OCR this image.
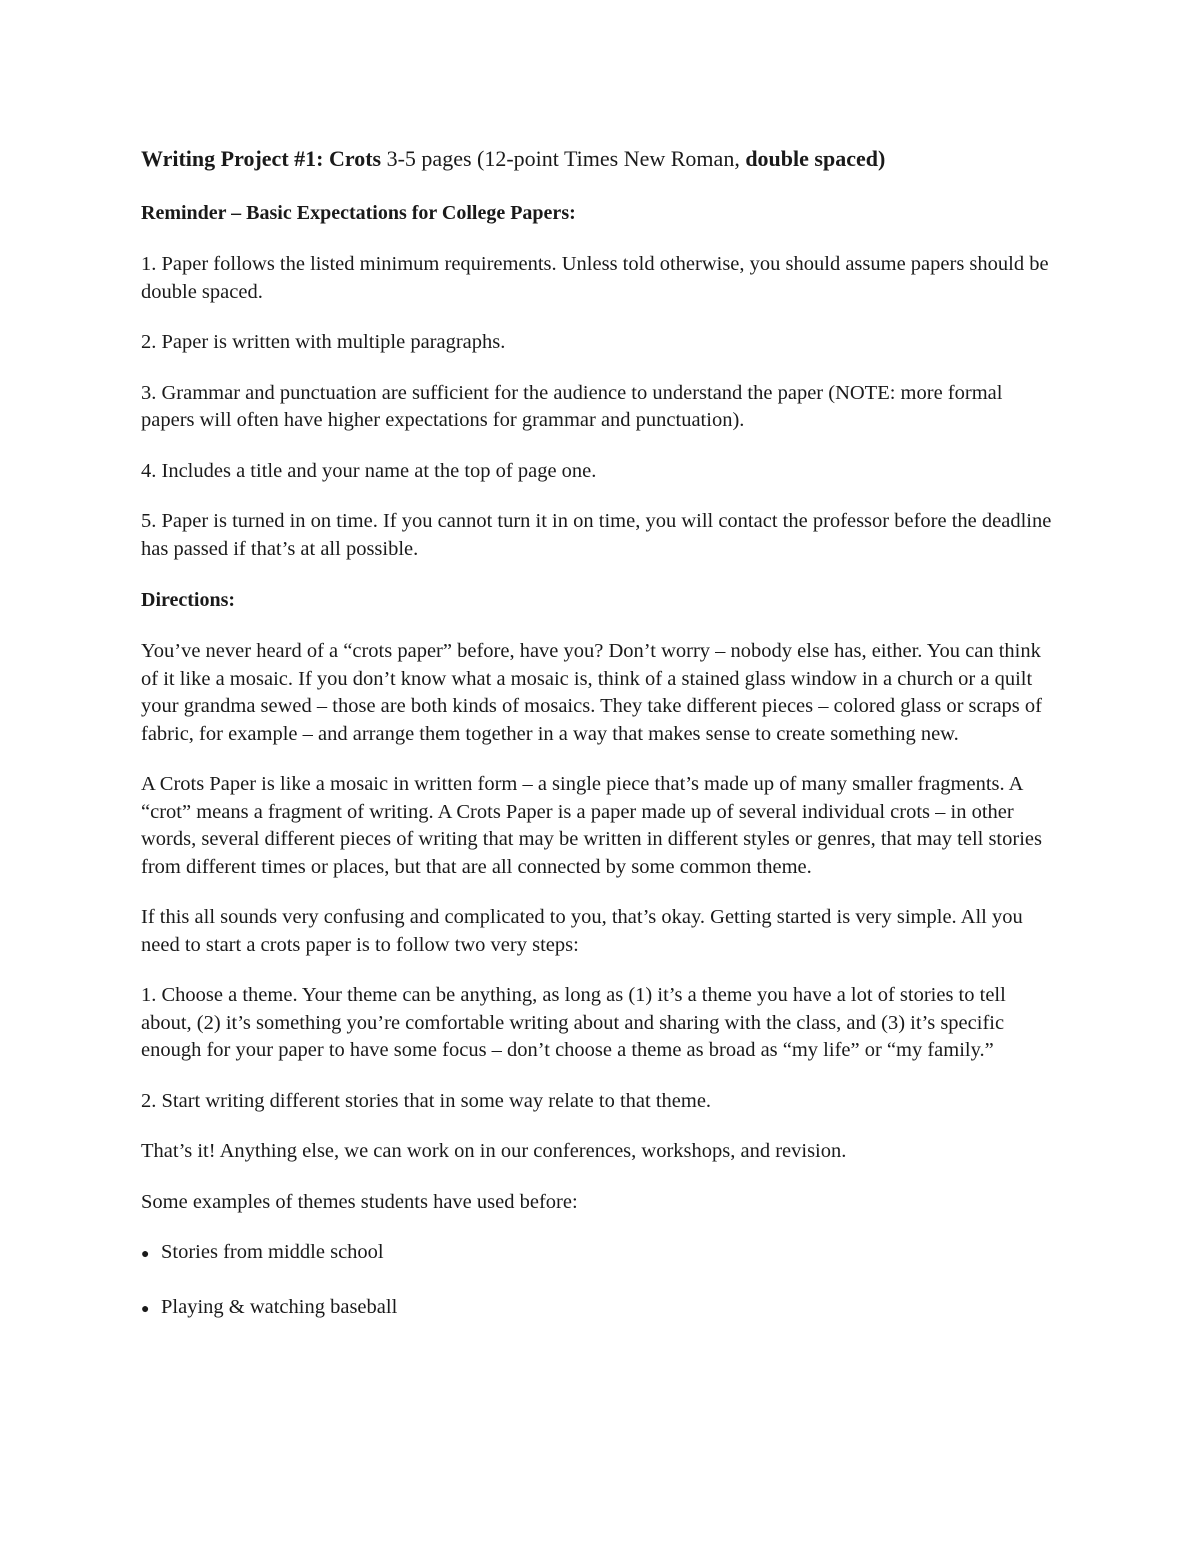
Writing Project #1: Crots 3-5 pages (12-point Times New Roman, double spaced)
Reminder – Basic Expectations for College Papers:

1. Paper follows the listed minimum requirements. Unless told otherwise, you should assume papers should be double spaced.

2. Paper is written with multiple paragraphs.

3. Grammar and punctuation are sufficient for the audience to understand the paper (NOTE: more formal papers will often have higher expectations for grammar and punctuation).

4. Includes a title and your name at the top of page one.

5. Paper is turned in on time. If you cannot turn it in on time, you will contact the professor before the deadline has passed if that’s at all possible.

Directions:

You’ve never heard of a “crots paper” before, have you? Don’t worry – nobody else has, either. You can think of it like a mosaic. If you don’t know what a mosaic is, think of a stained glass window in a church or a quilt your grandma sewed – those are both kinds of mosaics. They take different pieces – colored glass or scraps of fabric, for example – and arrange them together in a way that makes sense to create something new.

A Crots Paper is like a mosaic in written form – a single piece that’s made up of many smaller fragments. A “crot” means a fragment of writing. A Crots Paper is a paper made up of several individual crots – in other words, several different pieces of writing that may be written in different styles or genres, that may tell stories from different times or places, but that are all connected by some common theme.

If this all sounds very confusing and complicated to you, that’s okay. Getting started is very simple. All you need to start a crots paper is to follow two very steps:

1. Choose a theme. Your theme can be anything, as long as (1) it’s a theme you have a lot of stories to tell about, (2) it’s something you’re comfortable writing about and sharing with the class, and (3) it’s specific enough for your paper to have some focus – don’t choose a theme as broad as “my life” or “my family.”

2. Start writing different stories that in some way relate to that theme.

That’s it! Anything else, we can work on in our conferences, workshops, and revision.

Some examples of themes students have used before:

● Stories from middle school
● Playing & watching baseball
